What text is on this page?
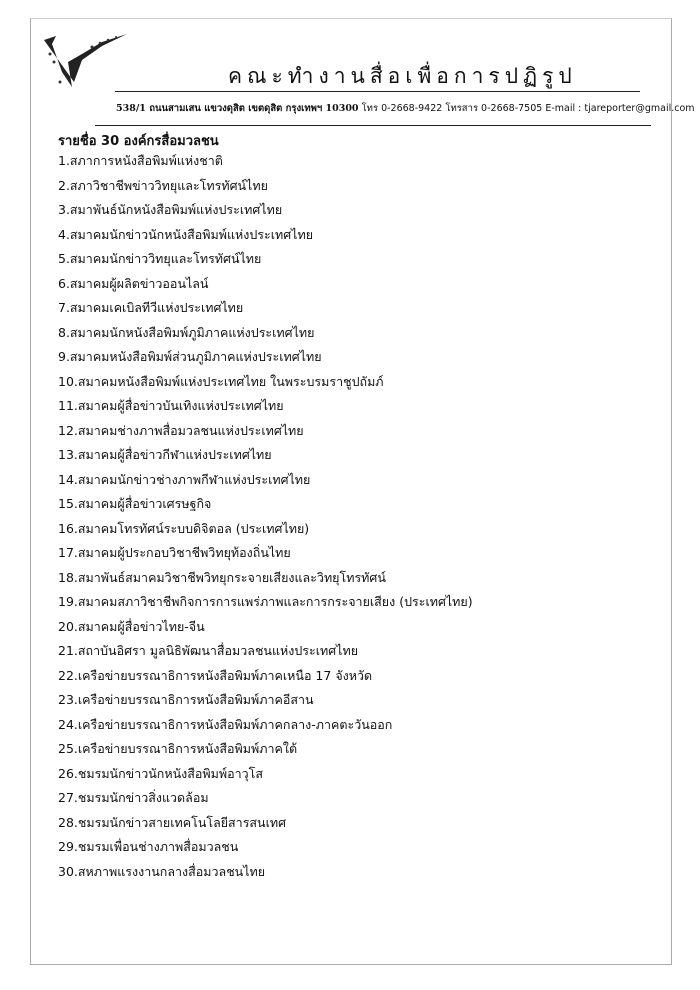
คณะทำงานสื่อเพื่อการปฏิรูป
538/1 ถนนสามเสน แขวงดุสิต เขตดุสิต กรุงเทพฯ 10300 โทร 0-2668-9422 โทรสาร 0-2668-7505 E-mail : tjareporter@gmail.com
รายชื่อ 30 องค์กรสื่อมวลชน
1.สภาการหนังสือพิมพ์แห่งชาติ
2.สภาวิชาชีพข่าววิทยุและโทรทัศน์ไทย
3.สมาพันธ์นักหนังสือพิมพ์แห่งประเทศไทย
4.สมาคมนักข่าวนักหนังสือพิมพ์แห่งประเทศไทย
5.สมาคมนักข่าววิทยุและโทรทัศน์ไทย
6.สมาคมผู้ผลิตข่าวออนไลน์
7.สมาคมเคเบิลทีวีแห่งประเทศไทย
8.สมาคมนักหนังสือพิมพ์ภูมิภาคแห่งประเทศไทย
9.สมาคมหนังสือพิมพ์ส่วนภูมิภาคแห่งประเทศไทย
10.สมาคมหนังสือพิมพ์แห่งประเทศไทย ในพระบรมราชูปถัมภ์
11.สมาคมผู้สื่อข่าวบันเทิงแห่งประเทศไทย
12.สมาคมช่างภาพสื่อมวลชนแห่งประเทศไทย
13.สมาคมผู้สื่อข่าวกีฬาแห่งประเทศไทย
14.สมาคมนักข่าวช่างภาพกีฬาแห่งประเทศไทย
15.สมาคมผู้สื่อข่าวเศรษฐกิจ
16.สมาคมโทรทัศน์ระบบดิจิตอล (ประเทศไทย)
17.สมาคมผู้ประกอบวิชาชีพวิทยุท้องถิ่นไทย
18.สมาพันธ์สมาคมวิชาชีพวิทยุกระจายเสียงและวิทยุโทรทัศน์
19.สมาคมสภาวิชาชีพกิจการการแพร่ภาพและการกระจายเสียง (ประเทศไทย)
20.สมาคมผู้สื่อข่าวไทย-จีน
21.สถาบันอิศรา มูลนิธิพัฒนาสื่อมวลชนแห่งประเทศไทย
22.เครือข่ายบรรณาธิการหนังสือพิมพ์ภาคเหนือ 17 จังหวัด
23.เครือข่ายบรรณาธิการหนังสือพิมพ์ภาคอีสาน
24.เครือข่ายบรรณาธิการหนังสือพิมพ์ภาคกลาง-ภาคตะวันออก
25.เครือข่ายบรรณาธิการหนังสือพิมพ์ภาคใต้
26.ชมรมนักข่าวนักหนังสือพิมพ์อาวุโส
27.ชมรมนักข่าวสิ่งแวดล้อม
28.ชมรมนักข่าวสายเทคโนโลยีสารสนเทศ
29.ชมรมเพื่อนช่างภาพสื่อมวลชน
30.สหภาพแรงงานกลางสื่อมวลชนไทย
